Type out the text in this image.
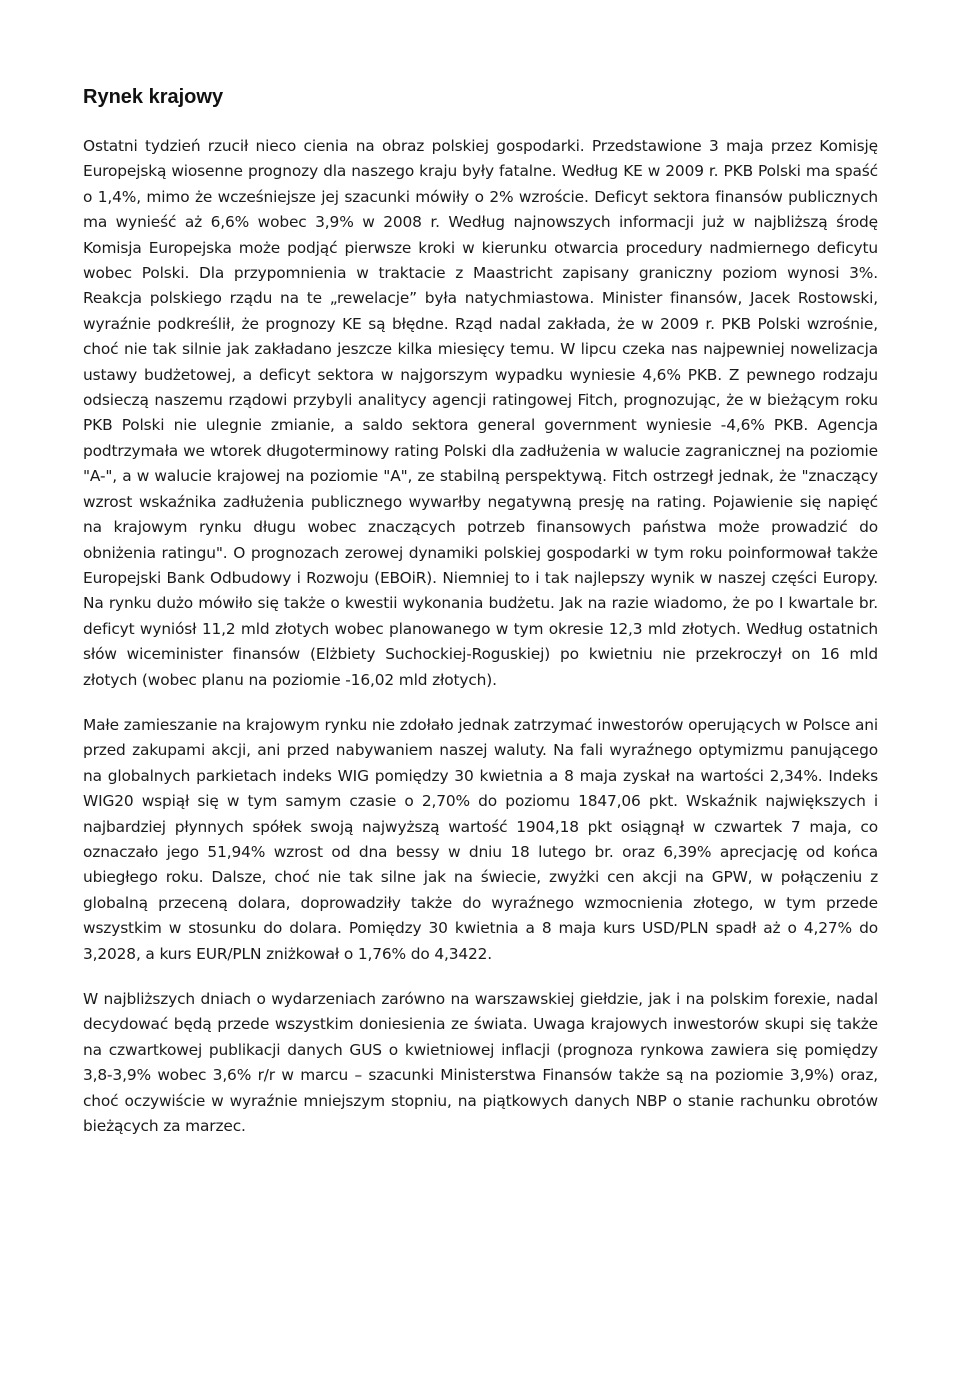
Rynek krajowy

Ostatni tydzień rzucił nieco cienia na obraz polskiej gospodarki. Przedstawione 3 maja przez Komisję Europejską wiosenne prognozy dla naszego kraju były fatalne. Według KE w 2009 r. PKB Polski ma spaść o 1,4%, mimo że wcześniejsze jej szacunki mówiły o 2% wzroście. Deficyt sektora finansów publicznych ma wynieść aż 6,6% wobec 3,9% w 2008 r. Według najnowszych informacji już w najbliższą środę Komisja Europejska może podjąć pierwsze kroki w kierunku otwarcia procedury nadmiernego deficytu wobec Polski. Dla przypomnienia w traktacie z Maastricht zapisany graniczny poziom wynosi 3%. Reakcja polskiego rządu na te „rewelacje” była natychmiastowa. Minister finansów, Jacek Rostowski, wyraźnie podkreślił, że prognozy KE są błędne. Rząd nadal zakłada, że w 2009 r. PKB Polski wzrośnie, choć nie tak silnie jak zakładano jeszcze kilka miesięcy temu. W lipcu czeka nas najpewniej nowelizacja ustawy budżetowej, a deficyt sektora w najgorszym wypadku wyniesie 4,6% PKB. Z pewnego rodzaju odsieczą naszemu rządowi przybyli analitycy agencji ratingowej Fitch, prognozując, że w bieżącym roku PKB Polski nie ulegnie zmianie, a saldo sektora general government wyniesie -4,6% PKB. Agencja podtrzymała we wtorek długoterminowy rating Polski dla zadłużenia w walucie zagranicznej na poziomie "A-", a w walucie krajowej na poziomie "A", ze stabilną perspektywą. Fitch ostrzegł jednak, że "znaczący wzrost wskaźnika zadłużenia publicznego wywarłby negatywną presję na rating. Pojawienie się napięć na krajowym rynku długu wobec znaczących potrzeb finansowych państwa może prowadzić do obniżenia ratingu". O prognozach zerowej dynamiki polskiej gospodarki w tym roku poinformował także Europejski Bank Odbudowy i Rozwoju (EBOiR). Niemniej to i tak najlepszy wynik w naszej części Europy. Na rynku dużo mówiło się także o kwestii wykonania budżetu. Jak na razie wiadomo, że po I kwartale br. deficyt wyniósł 11,2 mld złotych wobec planowanego w tym okresie 12,3 mld złotych. Według ostatnich słów wiceminister finansów (Elżbiety Suchockiej-Roguskiej) po kwietniu nie przekroczył on 16 mld złotych (wobec planu na poziomie -16,02 mld złotych).

Małe zamieszanie na krajowym rynku nie zdołało jednak zatrzymać inwestorów operujących w Polsce ani przed zakupami akcji, ani przed nabywaniem naszej waluty. Na fali wyraźnego optymizmu panującego na globalnych parkietach indeks WIG pomiędzy 30 kwietnia a 8 maja zyskał na wartości 2,34%. Indeks WIG20 wspiął się w tym samym czasie o 2,70% do poziomu 1847,06 pkt. Wskaźnik największych i najbardziej płynnych spółek swoją najwyższą wartość 1904,18 pkt osiągnął w czwartek 7 maja, co oznaczało jego 51,94% wzrost od dna bessy w dniu 18 lutego br. oraz 6,39% aprecjację od końca ubiegłego roku. Dalsze, choć nie tak silne jak na świecie, zwyżki cen akcji na GPW, w połączeniu z globalną przeceną dolara, doprowadziły także do wyraźnego wzmocnienia złotego, w tym przede wszystkim w stosunku do dolara. Pomiędzy 30 kwietnia a 8 maja kurs USD/PLN spadł aż o 4,27% do 3,2028, a kurs EUR/PLN zniżkował o 1,76% do 4,3422.

W najbliższych dniach o wydarzeniach zarówno na warszawskiej giełdzie, jak i na polskim forexie, nadal decydować będą przede wszystkim doniesienia ze świata. Uwaga krajowych inwestorów skupi się także na czwartkowej publikacji danych GUS o kwietniowej inflacji (prognoza rynkowa zawiera się pomiędzy 3,8-3,9% wobec 3,6% r/r w marcu – szacunki Ministerstwa Finansów także są na poziomie 3,9%) oraz, choć oczywiście w wyraźnie mniejszym stopniu, na piątkowych danych NBP o stanie rachunku obrotów bieżących za marzec.
